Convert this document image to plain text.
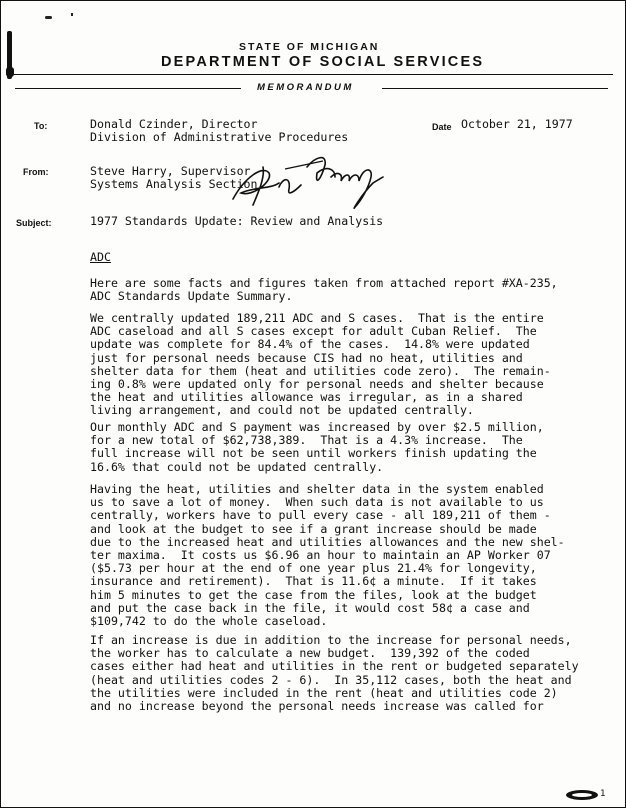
STATE OF MICHIGAN
DEPARTMENT OF SOCIAL SERVICES
MEMORANDUM
To:	Donald Czinder, Director
Division of Administrative Procedures
Date October 21, 1977
From:	Steve Harry, Supervisor
Systems Analysis Section
Subject:	1977 Standards Update: Review and Analysis
ADC
Here are some facts and figures taken from attached report #XA-235,
ADC Standards Update Summary.
We centrally updated 189,211 ADC and S cases.  That is the entire
ADC caseload and all S cases except for adult Cuban Relief.  The
update was complete for 84.4% of the cases.  14.8% were updated
just for personal needs because CIS had no heat, utilities and
shelter data for them (heat and utilities code zero).  The remain-
ing 0.8% were updated only for personal needs and shelter because
the heat and utilities allowance was irregular, as in a shared
living arrangement, and could not be updated centrally.
Our monthly ADC and S payment was increased by over $2.5 million,
for a new total of $62,738,389.  That is a 4.3% increase.  The
full increase will not be seen until workers finish updating the
16.6% that could not be updated centrally.
Having the heat, utilities and shelter data in the system enabled
us to save a lot of money.  When such data is not available to us
centrally, workers have to pull every case - all 189,211 of them -
and look at the budget to see if a grant increase should be made
due to the increased heat and utilities allowances and the new shel-
ter maxima.  It costs us $6.96 an hour to maintain an AP Worker 07
($5.73 per hour at the end of one year plus 21.4% for longevity,
insurance and retirement).  That is 11.6¢ a minute.  If it takes
him 5 minutes to get the case from the files, look at the budget
and put the case back in the file, it would cost 58¢ a case and
$109,742 to do the whole caseload.
If an increase is due in addition to the increase for personal needs,
the worker has to calculate a new budget.  139,392 of the coded
cases either had heat and utilities in the rent or budgeted separately
(heat and utilities codes 2 - 6).  In 35,112 cases, both the heat and
the utilities were included in the rent (heat and utilities code 2)
and no increase beyond the personal needs increase was called for
1
